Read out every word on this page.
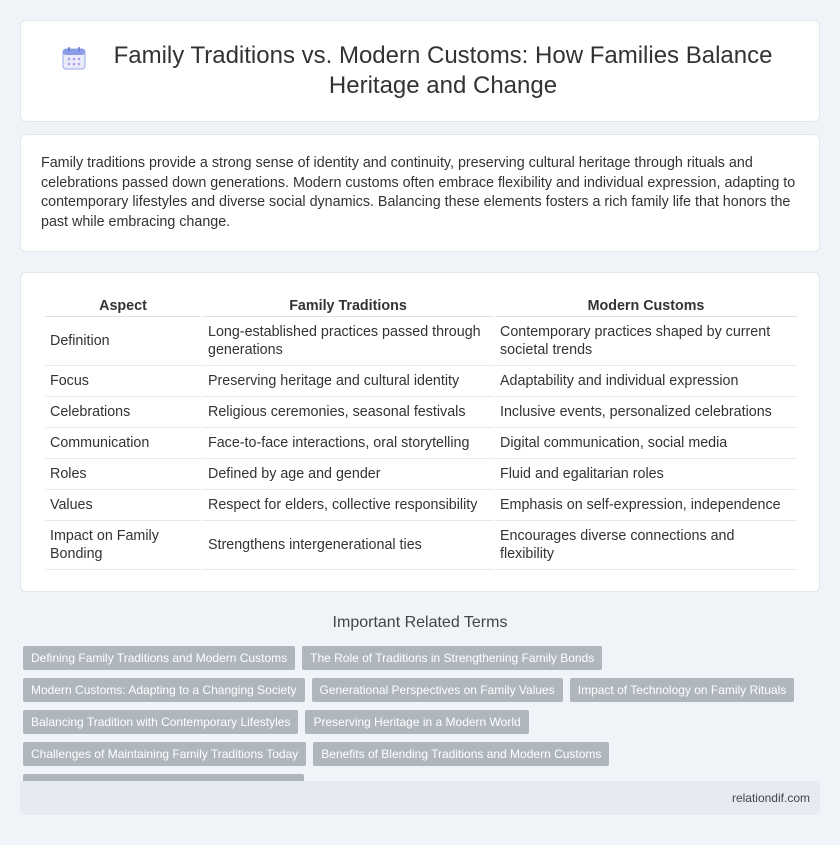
Family Traditions vs. Modern Customs: How Families Balance Heritage and Change

Family traditions provide a strong sense of identity and continuity, preserving cultural heritage through rituals and celebrations passed down generations. Modern customs often embrace flexibility and individual expression, adapting to contemporary lifestyles and diverse social dynamics. Balancing these elements fosters a rich family life that honors the past while embracing change.

Aspect	Family Traditions	Modern Customs
Definition	Long-established practices passed through generations	Contemporary practices shaped by current societal trends
Focus	Preserving heritage and cultural identity	Adaptability and individual expression
Celebrations	Religious ceremonies, seasonal festivals	Inclusive events, personalized celebrations
Communication	Face-to-face interactions, oral storytelling	Digital communication, social media
Roles	Defined by age and gender	Fluid and egalitarian roles
Values	Respect for elders, collective responsibility	Emphasis on self-expression, independence
Impact on Family Bonding	Strengthens intergenerational ties	Encourages diverse connections and flexibility
Important Related Terms
Defining Family Traditions and Modern Customs	The Role of Traditions in Strengthening Family Bonds
Modern Customs: Adapting to a Changing Society	Generational Perspectives on Family Values	Impact of Technology on Family Rituals
Balancing Tradition with Contemporary Lifestyles	Preserving Heritage in a Modern World
Challenges of Maintaining Family Traditions Today	Benefits of Blending Traditions and Modern Customs
relationdif.com
